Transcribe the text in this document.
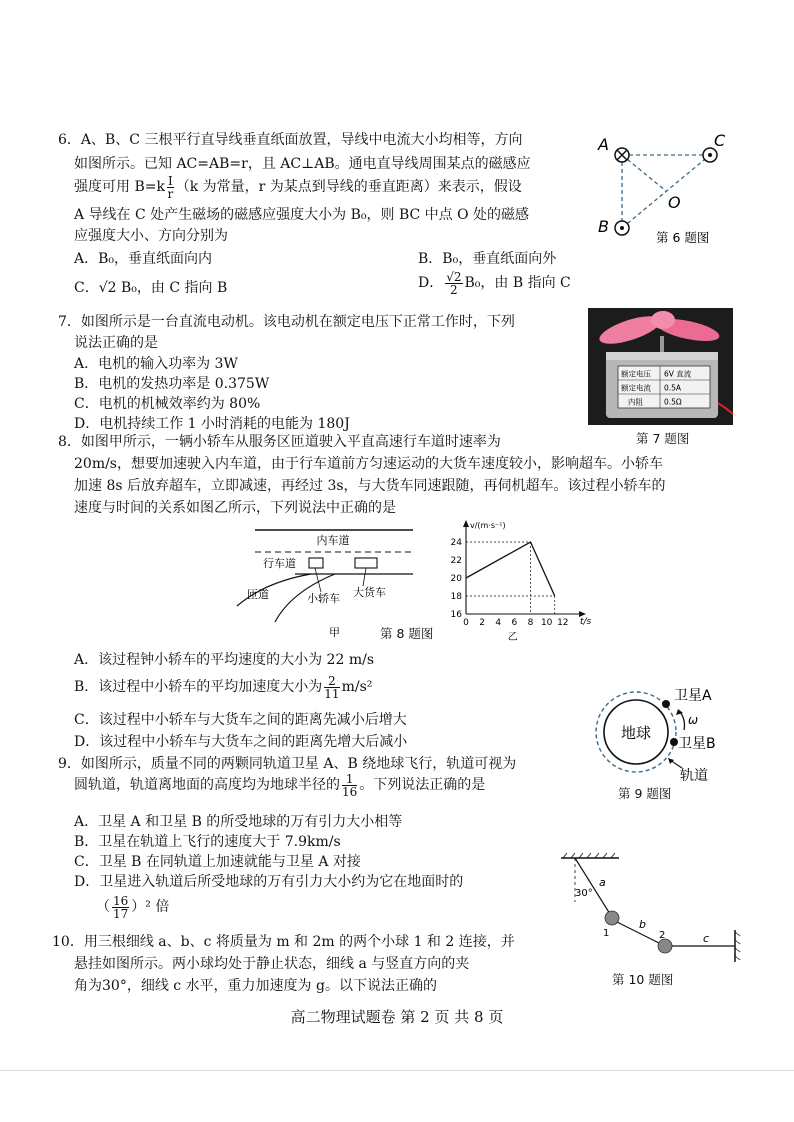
6．A、B、C 三根平行直导线垂直纸面放置，导线中电流大小均相等，方向
如图所示。已知 AC=AB=r，且 AC⊥AB。通电直导线周围某点的磁感应
强度可用 $B=k \frac{I}{r} (k$ 为常量，r 为某点到导线的垂直距离）来表示，假设
A 导线在 C 处产生磁场的磁感应强度大小为 B₀，则 BC 中点 O 处的磁感
应强度大小、方向分别为
A．B₀，垂直纸面向内	B．B₀，垂直纸面向外
C．√2 B₀，由 C 指向 B	D． $\frac{√2}{2} B_0$，由 B 指向 C
A	C
B
O
第 6 题图
7．如图所示是一台直流电动机。该电动机在额定电压下正常工作时，下列
说法正确的是
A．电机的输入功率为 3W
B．电机的发热功率是 0.375W
C．电机的机械效率约为 80%
D．电机持续工作 1 小时消耗的电能为 180J
额定电压 6V 直流
额定电流 0.5A
内阻	0.5Ω
第 7 题图
8．如图甲所示，一辆小轿车从服务区匝道驶入平直高速行车道时速率为
20m/s，想要加速驶入内车道，由于行车道前方匀速运动的大货车速度较小，影响超车。小轿车
加速 8s 后放弃超车，立即减速，再经过 3s，与大货车同速跟随，再伺机超车。该过程小轿车的
速度与时间的关系如图乙所示，下列说法中正确的是
内车道
行车道
匝道	小轿车 大货车
甲	第 8 题图
v/(m·s⁻¹)
t/s
0 2 4 6 8 10 12
16
18
20
22
24
乙
A．该过程钟小轿车的平均速度的大小为 22 m/s
B．该过程中小轿车的平均加速度大小为 $\frac{2}{11} m/s^2$
C．该过程中小轿车与大货车之间的距离先减小后增大
D．该过程中小轿车与大货车之间的距离先增大后减小	地球
卫星A
卫星B
ω
轨道
第 9 题图
9．如图所示，质量不同的两颗同轨道卫星 A、B 绕地球飞行，轨道可视为
圆轨道，轨道离地面的高度均为地球半径的 $\frac{1}{16}$ 。下列说法正确的是
A．卫星 A 和卫星 B 的所受地球的万有引力大小相等
B．卫星在轨道上飞行的速度大于 7.9km/s
C．卫星 B 在同轨道上加速就能与卫星 A 对接
D．卫星进入轨道后所受地球的万有引力大小约为它在地面时的
（ $\frac{16}{17} )^2$ 倍
a
30°
1
b
2	c
第 10 题图
10．用三根细线 a、b、c 将质量为 m 和 2m 的两个小球 1 和 2 连接，并
悬挂如图所示。两小球均处于静止状态，细线 a 与竖直方向的夹
角为30°，细线 c 水平，重力加速度为 g。以下说法正确的
高二物理试题卷 第 2 页 共 8 页
